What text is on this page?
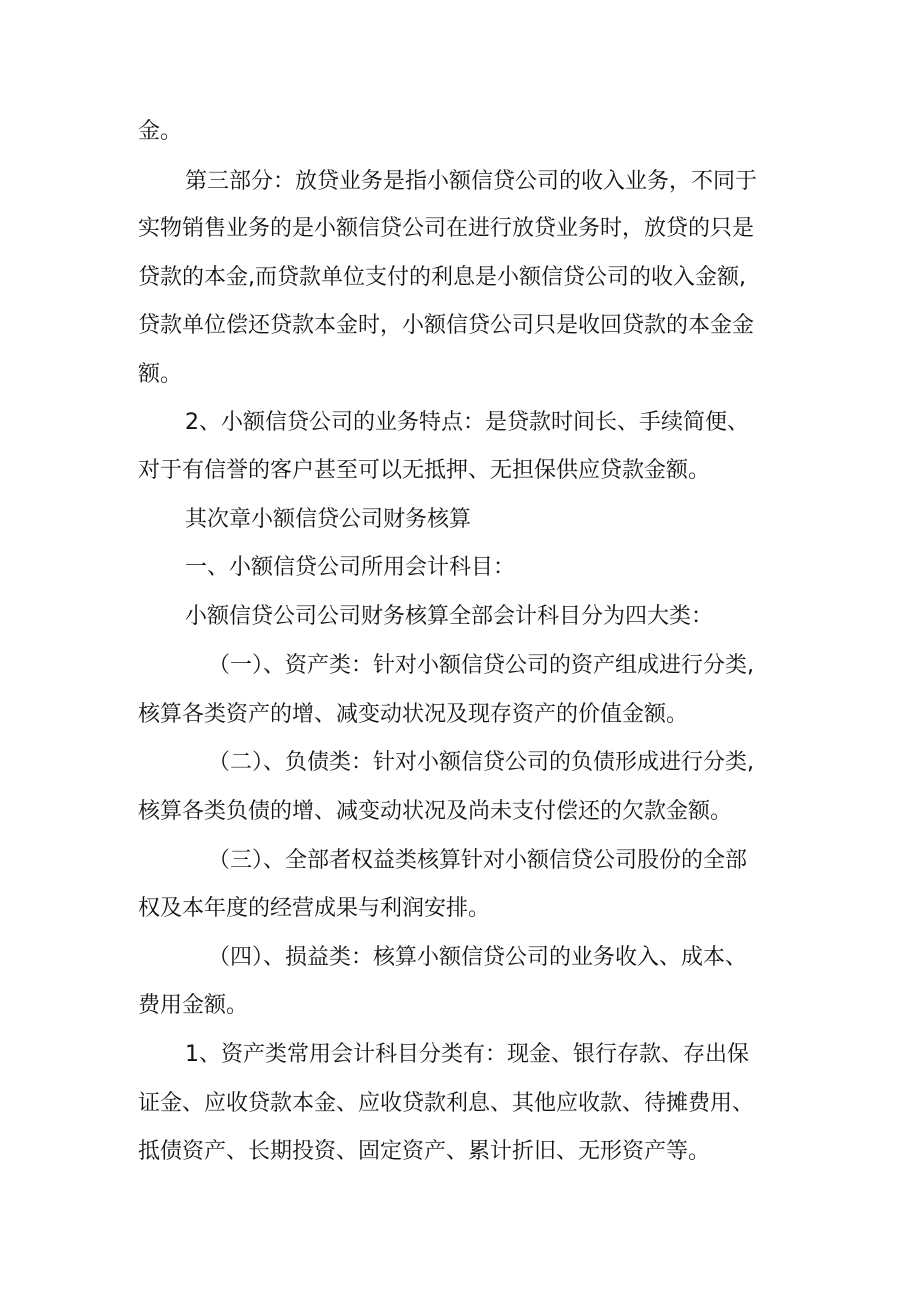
金。
第三部分：放贷业务是指小额信贷公司的收入业务，不同于
实物销售业务的是小额信贷公司在进行放贷业务时，放贷的只是
贷款的本金,而贷款单位支付的利息是小额信贷公司的收入金额,
贷款单位偿还贷款本金时，小额信贷公司只是收回贷款的本金金
额。
2、小额信贷公司的业务特点：是贷款时间长、手续简便、
对于有信誉的客户甚至可以无抵押、无担保供应贷款金额。
其次章小额信贷公司财务核算
一、小额信贷公司所用会计科目：
小额信贷公司公司财务核算全部会计科目分为四大类：
（一）、资产类：针对小额信贷公司的资产组成进行分类,
核算各类资产的增、减变动状况及现存资产的价值金额。
（二）、负债类：针对小额信贷公司的负债形成进行分类,
核算各类负债的增、减变动状况及尚未支付偿还的欠款金额。
（三）、全部者权益类核算针对小额信贷公司股份的全部
权及本年度的经营成果与利润安排。
（四）、损益类：核算小额信贷公司的业务收入、成本、
费用金额。
1、资产类常用会计科目分类有：现金、银行存款、存出保
证金、应收贷款本金、应收贷款利息、其他应收款、待摊费用、
抵债资产、长期投资、固定资产、累计折旧、无形资产等。
